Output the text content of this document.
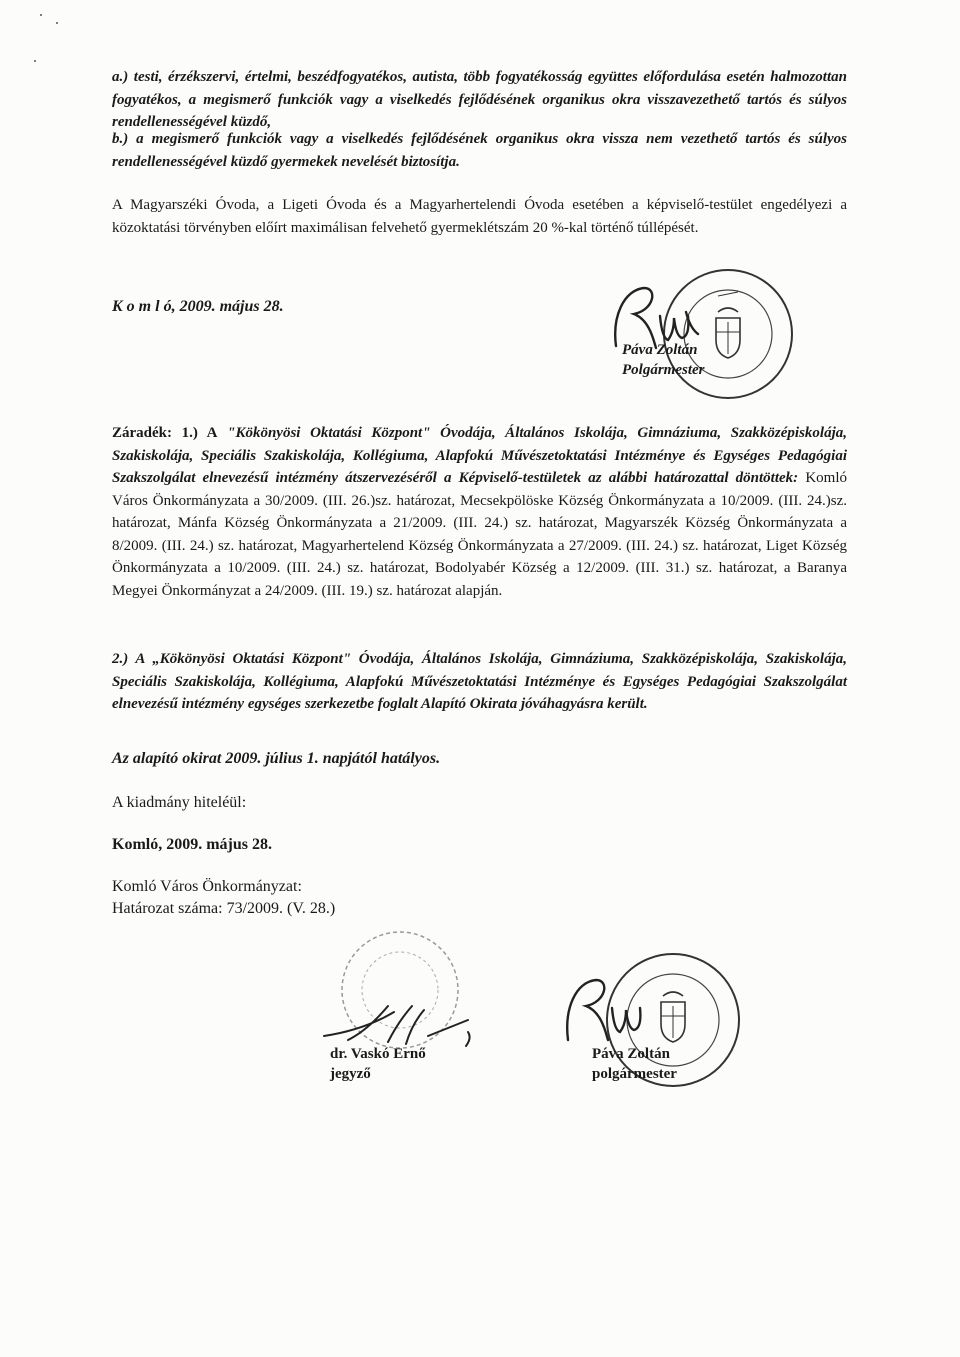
a.) testi, érzékszervi, értelmi, beszédfogyatékos, autista, több fogyatékosság együttes előfordulása esetén halmozottan fogyatékos, a megismerő funkciók vagy a viselkedés fejlődésének organikus okra visszavezethető tartós és súlyos rendellenességével küzdő,

b.) a megismerő funkciók vagy a viselkedés fejlődésének organikus okra vissza nem vezethető tartós és súlyos rendellenességével küzdő gyermekek nevelését biztosítja.

A Magyarszéki Óvoda, a Ligeti Óvoda és a Magyarhertelendi Óvoda esetében a képviselő-testület engedélyezi a közoktatási törvényben előírt maximálisan felvehető gyermeklétszám 20 %-kal történő túllépését.

K o m l ó, 2009. május 28.
Páva Zoltán
Polgármester

Záradék: 1.) A "Kökönyösi Oktatási Központ" Óvodája, Általános Iskolája, Gimnáziuma, Szakközépiskolája, Szakiskolája, Speciális Szakiskolája, Kollégiuma, Alapfokú Művészetoktatási Intézménye és Egységes Pedagógiai Szakszolgálat elnevezésű intézmény átszervezéséről a Képviselő-testületek az alábbi határozattal döntöttek: Komló Város Önkormányzata a 30/2009. (III. 26.)sz. határozat, Mecsekpölöske Község Önkormányzata a 10/2009. (III. 24.)sz. határozat, Mánfa Község Önkormányzata a 21/2009. (III. 24.) sz. határozat, Magyarszék Község Önkormányzata a 8/2009. (III. 24.) sz. határozat, Magyarhertelend Község Önkormányzata a 27/2009. (III. 24.) sz. határozat, Liget Község Önkormányzata a 10/2009. (III. 24.) sz. határozat, Bodolyabér Község a 12/2009. (III. 31.) sz. határozat, a Baranya Megyei Önkormányzat a 24/2009. (III. 19.) sz. határozat alapján.

2.) A „Kökönyösi Oktatási Központ" Óvodája, Általános Iskolája, Gimnáziuma, Szakközépiskolája, Szakiskolája, Speciális Szakiskolája, Kollégiuma, Alapfokú Művészetoktatási Intézménye és Egységes Pedagógiai Szakszolgálat elnevezésű intézmény egységes szerkezetbe foglalt Alapító Okirata jóváhagyásra került.

Az alapító okirat 2009. július 1. napjától hatályos.
A kiadmány hiteléül:
Komló, 2009. május 28.
Komló Város Önkormányzat:
Határozat száma: 73/2009. (V. 28.)
dr. Vaskó Ernő
jegyző
Páva Zoltán
polgármester
